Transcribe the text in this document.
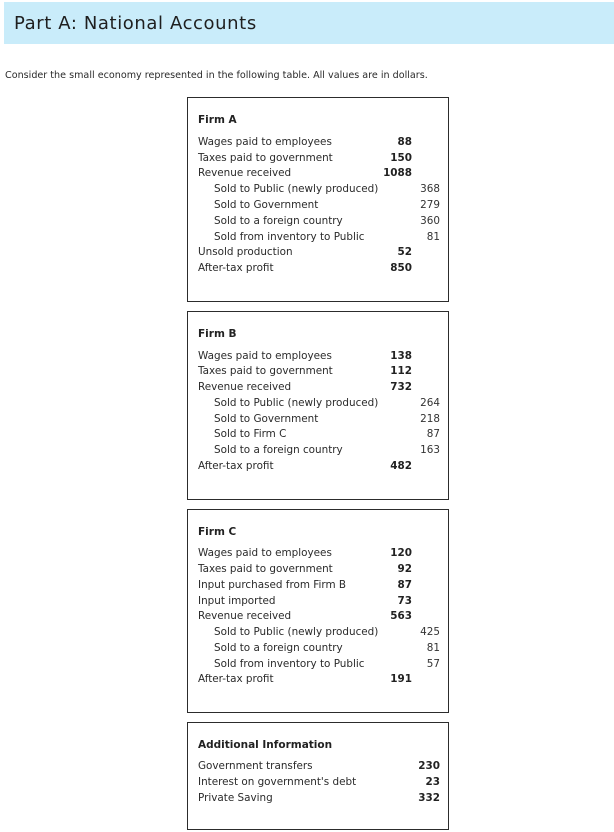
Part A: National Accounts
Consider the small economy represented in the following table. All values are in dollars.
Firm A
Wages paid to employees	88
Taxes paid to government	150
Revenue received	1088
Sold to Public (newly produced)	368
Sold to Government	279
Sold to a foreign country	360
Sold from inventory to Public	81
Unsold production	52
After-tax profit	850
Firm B
Wages paid to employees	138
Taxes paid to government	112
Revenue received	732
Sold to Public (newly produced)	264
Sold to Government	218
Sold to Firm C	87
Sold to a foreign country	163
After-tax profit	482
Firm C
Wages paid to employees	120
Taxes paid to government	92
Input purchased from Firm B	87
Input imported	73
Revenue received	563
Sold to Public (newly produced)	425
Sold to a foreign country	81
Sold from inventory to Public	57
After-tax profit	191
Additional Information
Government transfers	230
Interest on government's debt	23
Private Saving	332
